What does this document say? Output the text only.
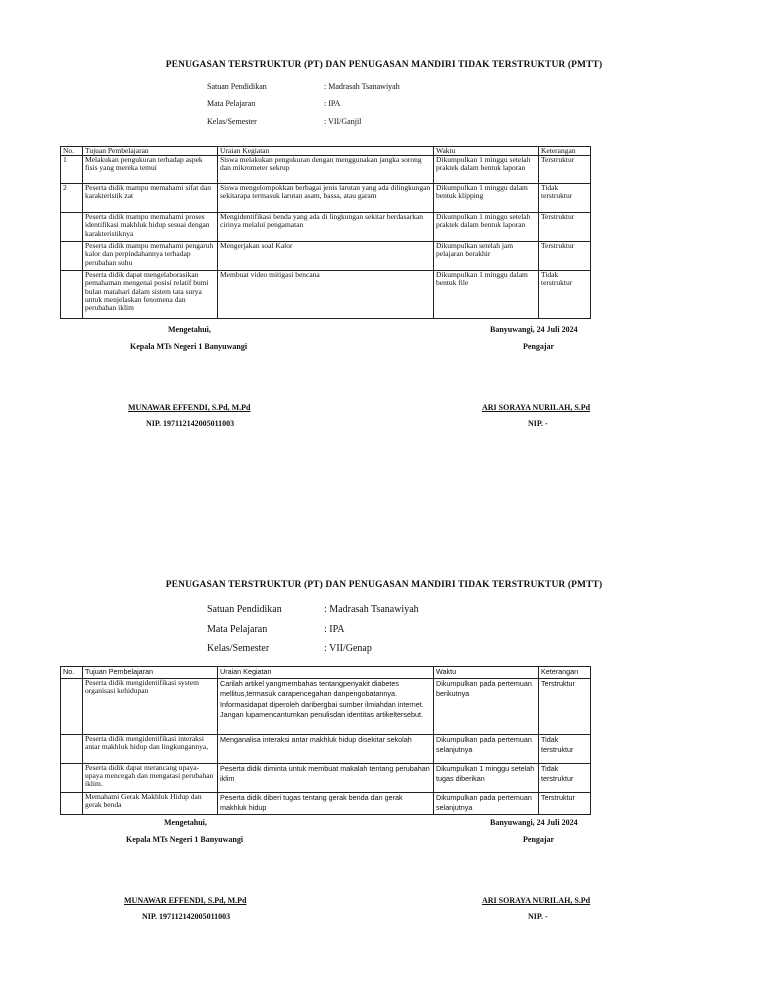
PENUGASAN TERSTRUKTUR (PT) DAN PENUGASAN MANDIRI TIDAK TERSTRUKTUR (PMTT)
Satuan Pendidikan	: Madrasah Tsanawiyah
Mata Pelajaran	: IPA
Kelas/Semester	: VII/Ganjil
No.	Tujuan Pembelajaran	Uraian Kegiatan	Waktu	Keterangan
1	Melakukan pengukuran terhadap aspek fisis yang mereka temui	Siswa melakukan pengukuran dengan menggunakan jangka sorong dan mikrometer sekrup	Dikumpulkan 1 minggu setelah praktek dalam bentuk laporan	Terstruktur
2	Peserta didik mampu memahami sifat dan karakteristik zat	Siswa mengelompokkan berbagai jenis larutan yang ada dilingkungan sekitarapa termasuk larutan asam, bassa, atau garam	Dikumpulkan 1 minggu dalam bentuk klipping	Tidak terstruktur
	Peserta didik mampu memahami proses identifikasi makhluk hidup sesuai dengan karakteristiknya	Mengidentifikasi benda yang ada di lingkungan sekitar berdasarkan cirinya melalui pengamatan	Dikumpulkan 1 minggu setelah praktek dalam bentuk laporan	Terstruktur
	Peserta didik mampu memahami pengaruh kalor dan perpindahannya terhadap perubahan suhu	Mengerjakan soal Kalor	Dikumpulkan setelah jam pelajaran berakhir	Terstruktur
	Peserta didik dapat mengelaborasikan pemahaman mengenai posisi relatif bumi bulan matahari dalam sistem tata surya untuk menjelaskan fenomena dan perubahan iklim	Membuat video mitigasi bencana	Dikumpulkan 1 minggu dalam bentuk file	Tidak terstruktur
Mengetahui,
Kepala MTs Negeri 1 Banyuwangi
MUNAWAR EFFENDI, S.Pd, M.Pd
NIP. 197112142005011003
Banyuwangi, 24 Juli 2024
Pengajar
ARI SORAYA NURILAH, S.Pd
NIP. -
PENUGASAN TERSTRUKTUR (PT) DAN PENUGASAN MANDIRI TIDAK TERSTRUKTUR (PMTT)
Satuan Pendidikan	: Madrasah Tsanawiyah
Mata Pelajaran	: IPA
Kelas/Semester	: VII/Genap
No.	Tujuan Pembelajaran	Uraian Kegiatan	Waktu	Keterangan
	Peserta didik mengidentifikasi system organisasi kehidupan	Carilah artikel yangmembahas tentangpenyakit diabetes mellitus,termasuk carapencegahan danpengobatannya. Informasidapat diperoleh daribergbai sumber ilmiahdan internet. Jangan lupamencantumkan penulisdan identitas artikeltersebut.	Dikumpulkan pada pertemuan berikutnya	Terstruktur
	Peserta didik mengidentifikasi interaksi antar makhluk hidup dan lingkungannya,	Menganalisa interaksi antar makhluk hidup disekitar sekolah	Dikumpulkan pada pertemuan selanjutnya	Tidak terstruktur
	Peserta didik dapat merancang upaya-upaya mencegah dan mengatasi perubahan iklim.	Peserta didik diminta untuk membuat makalah tentang perubahan iklim	Dikumpulkan 1 minggu setelah tugas diberikan	Tidak terstruktur
	Memahami Gerak Makhluk Hidup dan gerak benda	Peserta didik diberi tugas tentang gerak benda dan gerak makhluk hidup	Dikumpulkan pada pertemuan selanjutnya	Terstruktur
Mengetahui,
Kepala MTs Negeri 1 Banyuwangi
MUNAWAR EFFENDI, S.Pd, M.Pd
NIP. 197112142005011003
Banyuwangi, 24 Juli 2024
Pengajar
ARI SORAYA NURILAH, S.Pd
NIP. -
